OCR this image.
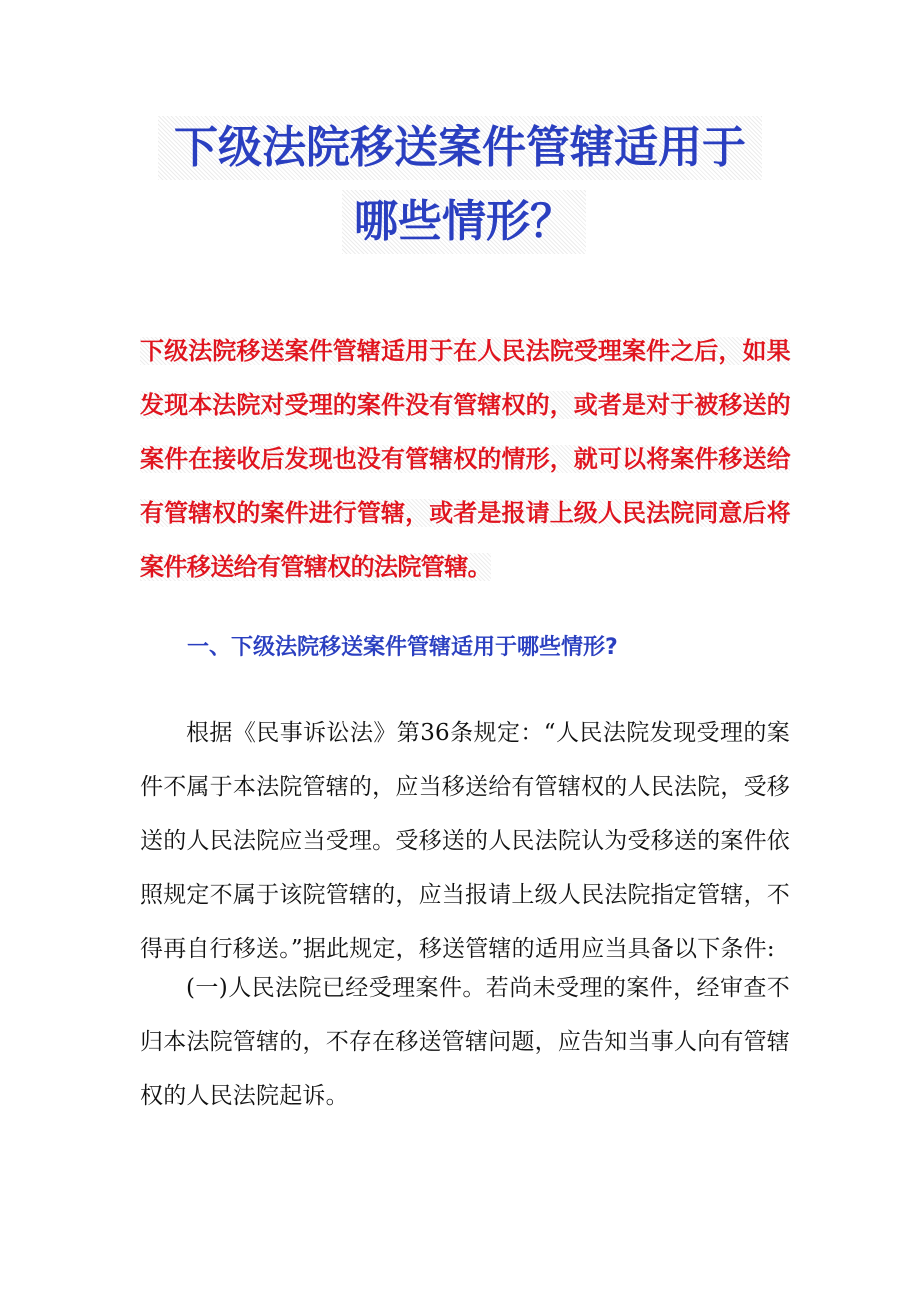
下级法院移送案件管辖适用于
哪些情形？
下级法院移送案件管辖适用于在人民法院受理案件之后，如果发现本法院对受理的案件没有管辖权的，或者是对于被移送的案件在接收后发现也没有管辖权的情形，就可以将案件移送给有管辖权的案件进行管辖，或者是报请上级人民法院同意后将案件移送给有管辖权的法院管辖。
一、下级法院移送案件管辖适用于哪些情形?

根据《民事诉讼法》第36条规定：“人民法院发现受理的案件不属于本法院管辖的，应当移送给有管辖权的人民法院，受移送的人民法院应当受理。受移送的人民法院认为受移送的案件依照规定不属于该院管辖的，应当报请上级人民法院指定管辖，不得再自行移送。”据此规定，移送管辖的适用应当具备以下条件:

(一)人民法院已经受理案件。若尚未受理的案件，经审查不归本法院管辖的，不存在移送管辖问题，应告知当事人向有管辖权的人民法院起诉。
